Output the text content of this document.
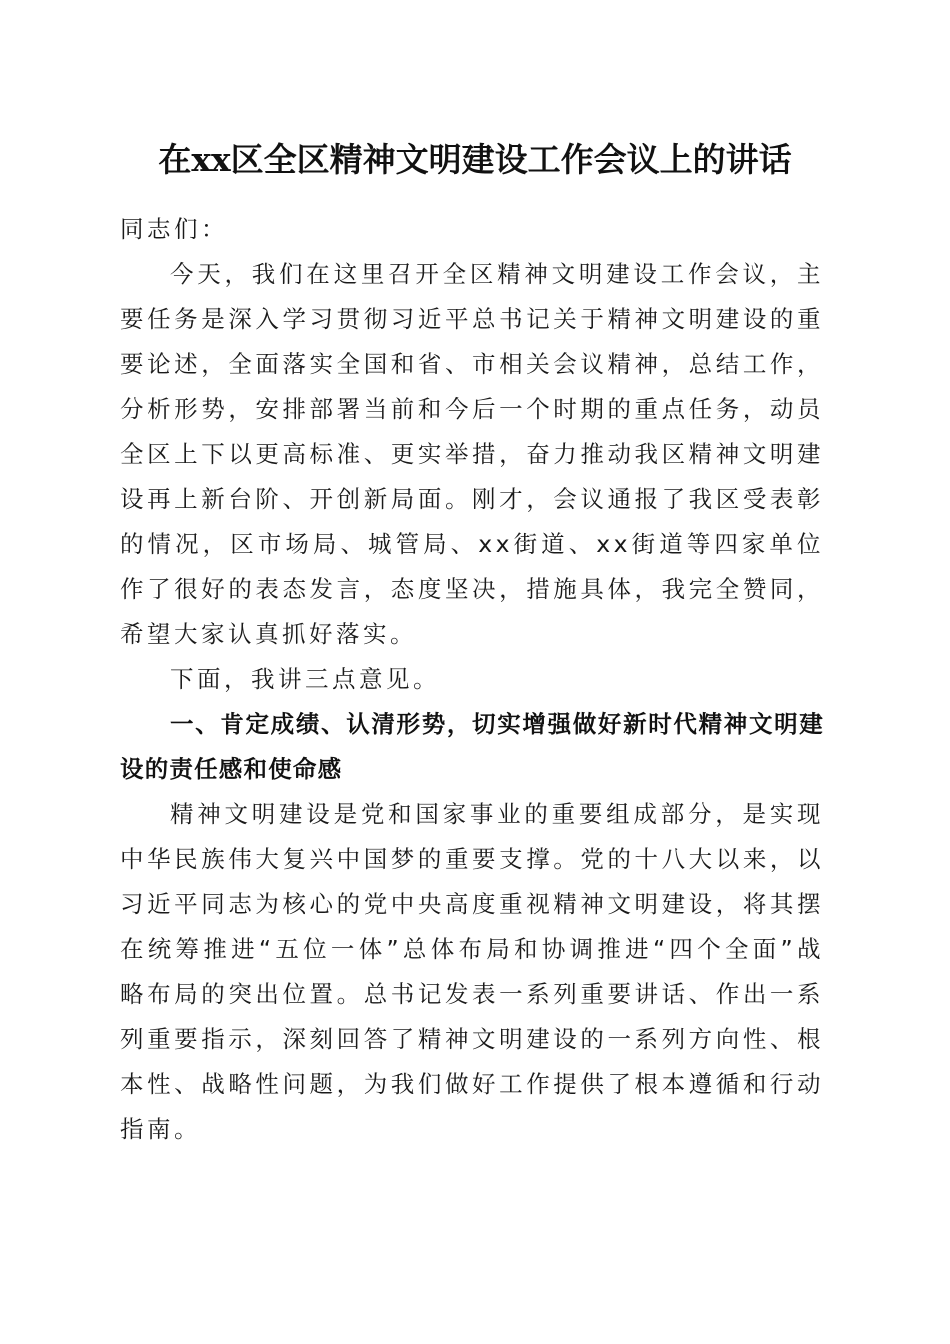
在xx区全区精神文明建设工作会议上的讲话

同志们：

今天，我们在这里召开全区精神文明建设工作会议，主要任务是深入学习贯彻习近平总书记关于精神文明建设的重要论述，全面落实全国和省、市相关会议精神，总结工作，分析形势，安排部署当前和今后一个时期的重点任务，动员全区上下以更高标准、更实举措，奋力推动我区精神文明建设再上新台阶、开创新局面。刚才，会议通报了我区受表彰的情况，区市场局、城管局、xx街道、xx街道等四家单位作了很好的表态发言，态度坚决，措施具体，我完全赞同，希望大家认真抓好落实。

下面，我讲三点意见。

一、肯定成绩、认清形势，切实增强做好新时代精神文明建设的责任感和使命感

精神文明建设是党和国家事业的重要组成部分，是实现中华民族伟大复兴中国梦的重要支撑。党的十八大以来，以习近平同志为核心的党中央高度重视精神文明建设，将其摆在统筹推进“五位一体”总体布局和协调推进“四个全面”战略布局的突出位置。总书记发表一系列重要讲话、作出一系列重要指示，深刻回答了精神文明建设的一系列方向性、根本性、战略性问题，为我们做好工作提供了根本遵循和行动指南。
